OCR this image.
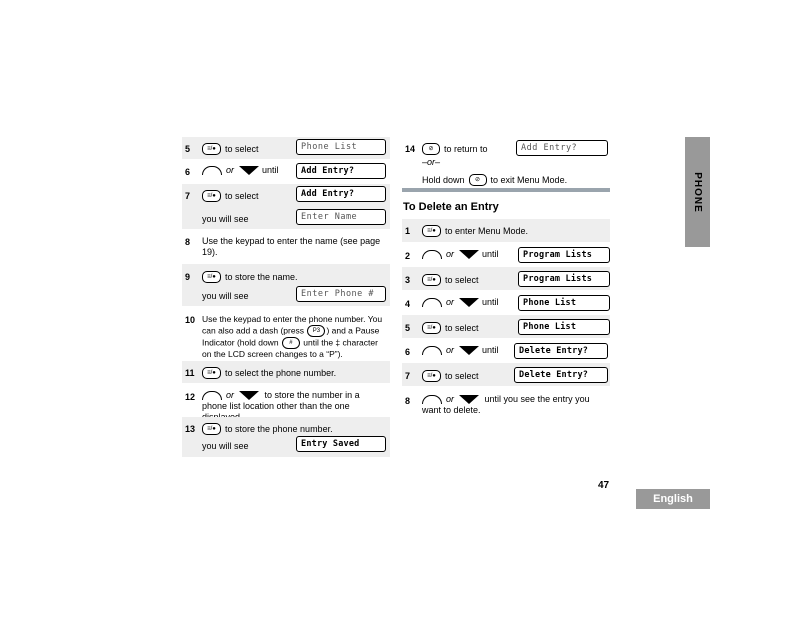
5	≡/●	to select	Phone List
6	or	until	Add Entry?
7	≡/●	to select	Add Entry?
you will see	Enter Name
8 Use the keypad to enter the name (see page 19).
9	≡/●	to store the name.
you will see	Enter Phone #
10 Use the keypad to enter the phone number. You can also add a dash (press P3 ) and a Pause Indicator (hold down # until the ‡ character on the LCD screen changes to a “P”).
11	≡/●	to select the phone number.
12	or	to store the number in a phone list location other than the one
13	≡/●	to store the phone number.
you will see	Entry Saved
14	⊘	to return to	Add Entry?
–or–
Hold down	⊘	to exit Menu Mode.
To Delete an Entry
1	≡/●	to enter Menu Mode.
2	or	until	Program Lists
3	≡/●	to select	Program Lists
4	or	until	Phone List
5	≡/●	to select	Phone List
6	or	until	Delete Entry?
7	≡/●	to select	Delete Entry?
8	or	until you see the entry you want to delete.
PHONE
47
English
